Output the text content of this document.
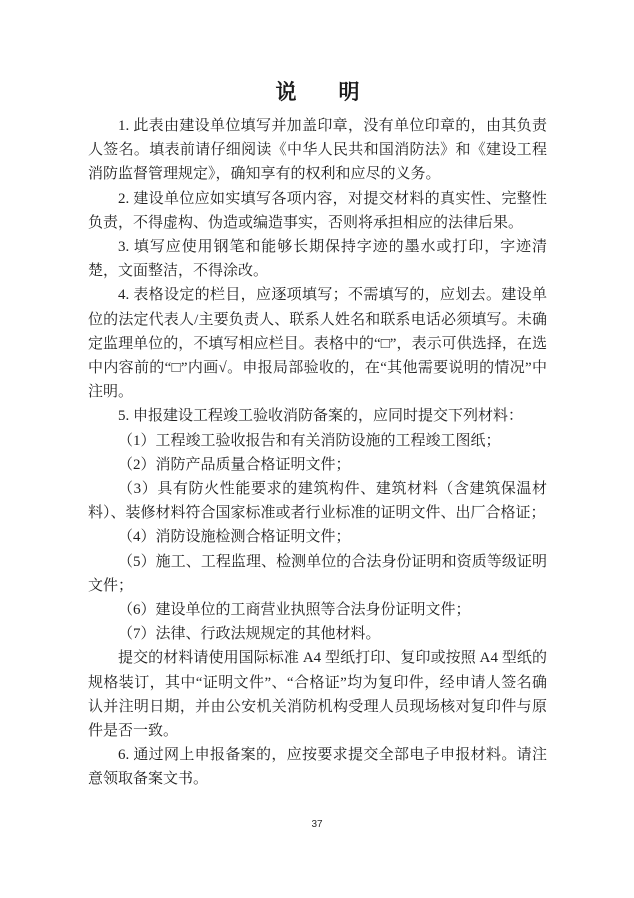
说　　明

1. 此表由建设单位填写并加盖印章，没有单位印章的，由其负责人签名。填表前请仔细阅读《中华人民共和国消防法》和《建设工程消防监督管理规定》，确知享有的权利和应尽的义务。

2. 建设单位应如实填写各项内容，对提交材料的真实性、完整性负责，不得虚构、伪造或编造事实，否则将承担相应的法律后果。

3. 填写应使用钢笔和能够长期保持字迹的墨水或打印，字迹清楚，文面整洁，不得涂改。

4. 表格设定的栏目，应逐项填写；不需填写的，应划去。建设单位的法定代表人/主要负责人、联系人姓名和联系电话必须填写。未确定监理单位的，不填写相应栏目。表格中的“□”，表示可供选择，在选中内容前的“□”内画√。申报局部验收的，在“其他需要说明的情况”中注明。

5. 申报建设工程竣工验收消防备案的，应同时提交下列材料：

（1）工程竣工验收报告和有关消防设施的工程竣工图纸；

（2）消防产品质量合格证明文件；

（3）具有防火性能要求的建筑构件、建筑材料（含建筑保温材料）、装修材料符合国家标准或者行业标准的证明文件、出厂合格证；

（4）消防设施检测合格证明文件；

（5）施工、工程监理、检测单位的合法身份证明和资质等级证明文件；

（6）建设单位的工商营业执照等合法身份证明文件；

（7）法律、行政法规规定的其他材料。

提交的材料请使用国际标准 A4 型纸打印、复印或按照 A4 型纸的规格装订，其中“证明文件”、“合格证”均为复印件，经申请人签名确认并注明日期，并由公安机关消防机构受理人员现场核对复印件与原件是否一致。

6. 通过网上申报备案的，应按要求提交全部电子申报材料。请注意领取备案文书。

37
